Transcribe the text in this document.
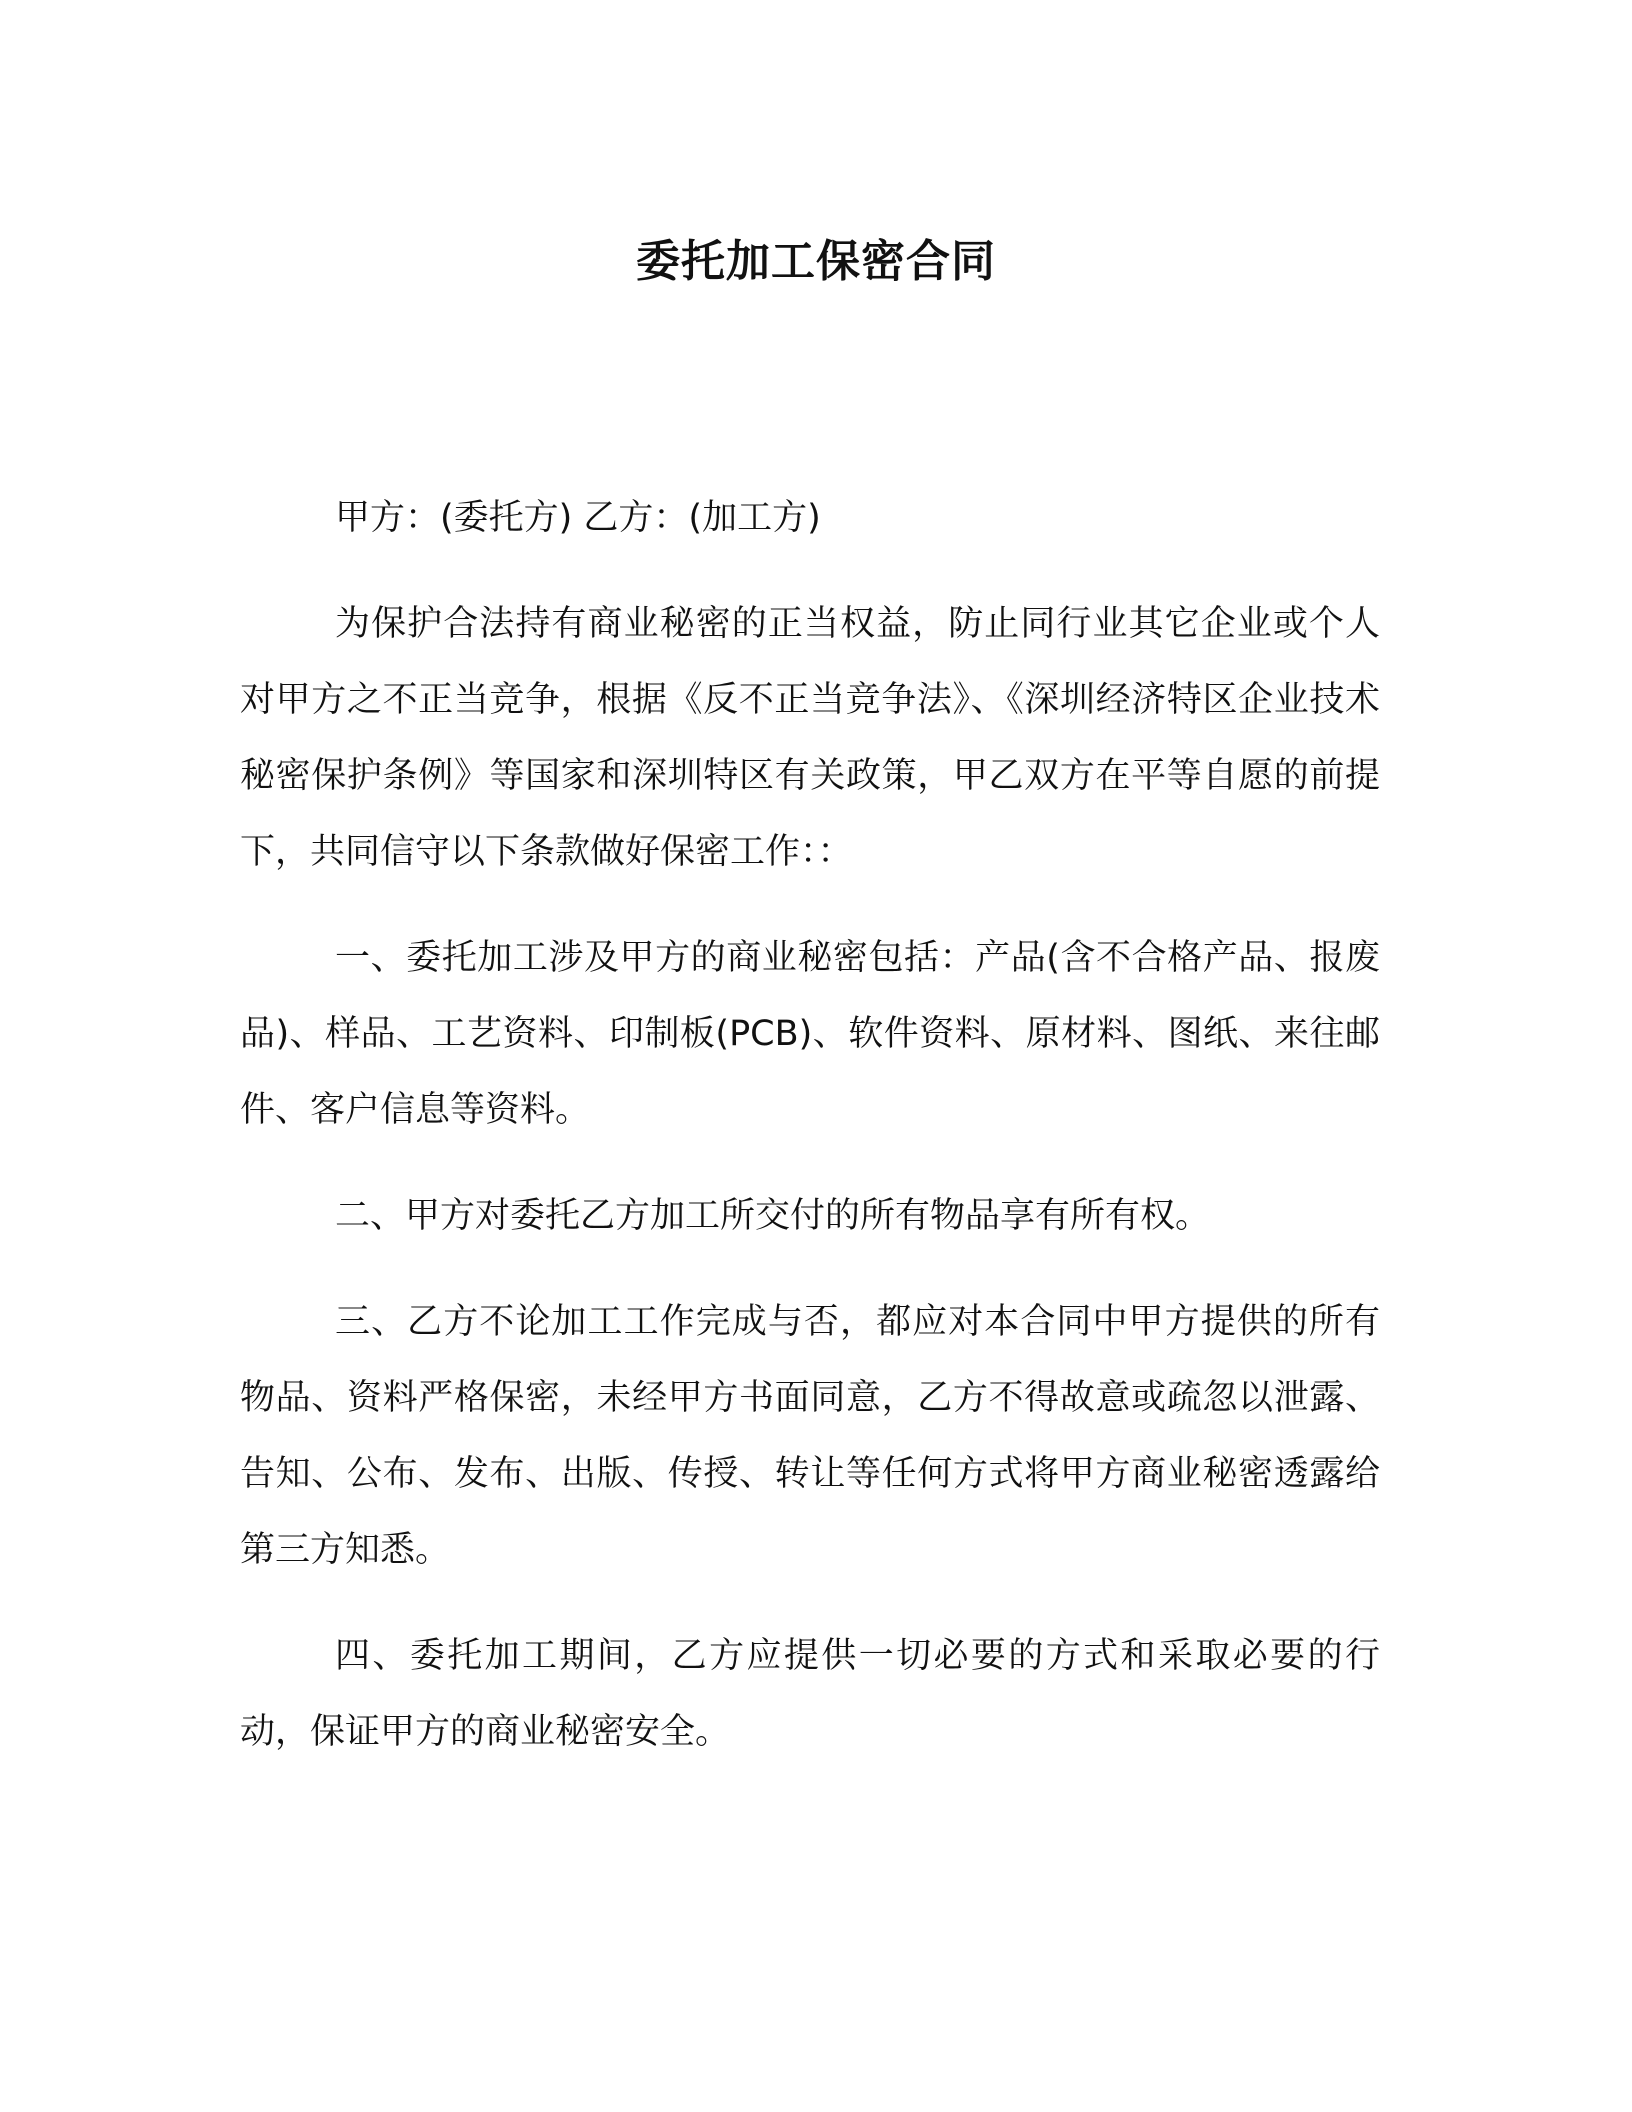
委托加工保密合同

甲方：(委托方) 乙方：(加工方)

为保护合法持有商业秘密的正当权益，防止同行业其它企业或个人对甲方之不正当竞争，根据《反不正当竞争法》、《深圳经济特区企业技术秘密保护条例》等国家和深圳特区有关政策，甲乙双方在平等自愿的前提下，共同信守以下条款做好保密工作：：

一、委托加工涉及甲方的商业秘密包括：产品(含不合格产品、报废品)、样品、工艺资料、印制板(PCB)、软件资料、原材料、图纸、来往邮件、客户信息等资料。

二、甲方对委托乙方加工所交付的所有物品享有所有权。

三、乙方不论加工工作完成与否，都应对本合同中甲方提供的所有物品、资料严格保密，未经甲方书面同意，乙方不得故意或疏忽以泄露、告知、公布、发布、出版、传授、转让等任何方式将甲方商业秘密透露给第三方知悉。

四、委托加工期间，乙方应提供一切必要的方式和采取必要的行动，保证甲方的商业秘密安全。
